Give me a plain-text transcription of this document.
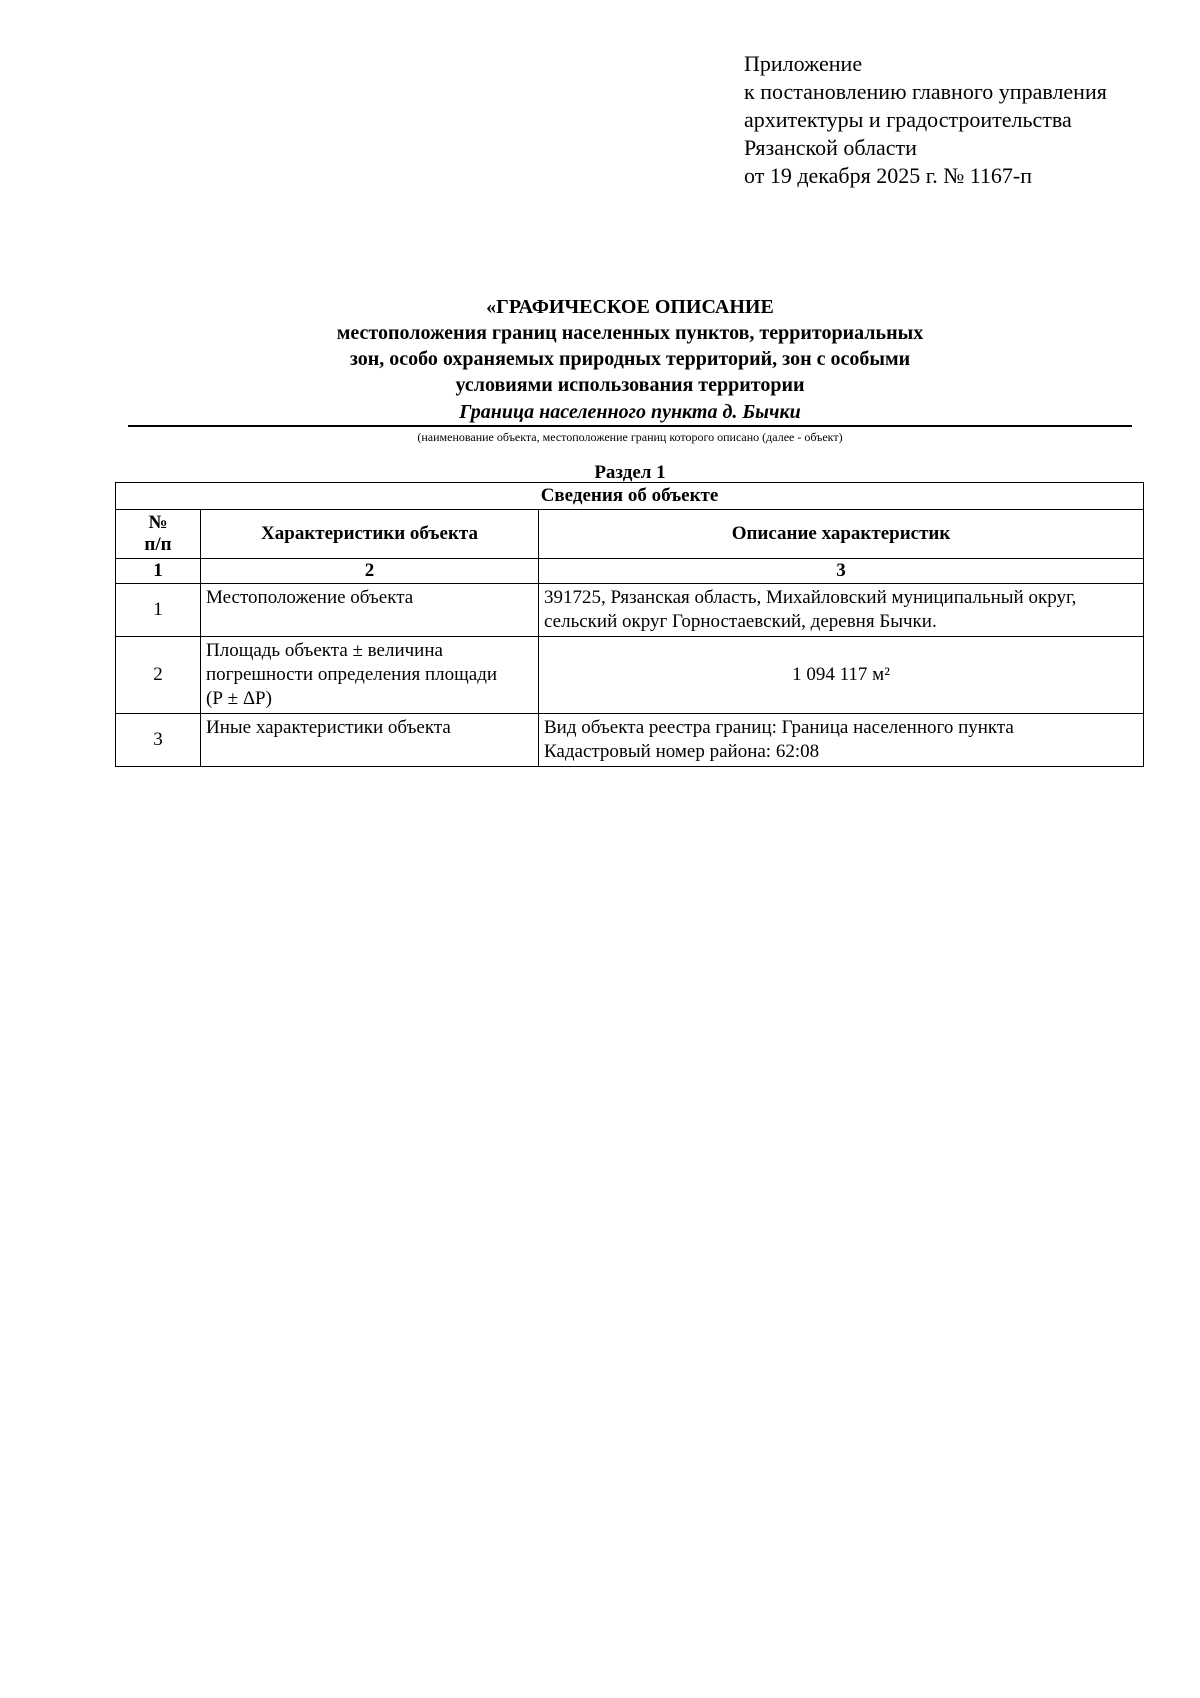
Приложение
к постановлению главного управления
архитектуры и градостроительства
Рязанской области
от 19 декабря 2025 г. № 1167-п
«ГРАФИЧЕСКОЕ ОПИСАНИЕ
местоположения границ населенных пунктов, территориальных
зон, особо охраняемых природных территорий, зон с особыми
условиями использования территории
Граница населенного пункта д. Бычки
(наименование объекта, местоположение границ которого описано (далее - объект)
Раздел 1
Сведения об объекте		

№
п/п	Характеристики объекта	Описание характеристик
1	2	3
1	Местоположение объекта	391725, Рязанская область, Михайловский муниципальный округ,
сельский округ Горностаевский, деревня Бычки.

2	Площадь объекта ± величина
погрешности определения площади
(Р ± ΔР)	1 094 117 м²
3	Иные характеристики объекта	Вид объекта реестра границ: Граница населенного пункта
Кадастровый номер района: 62:08
